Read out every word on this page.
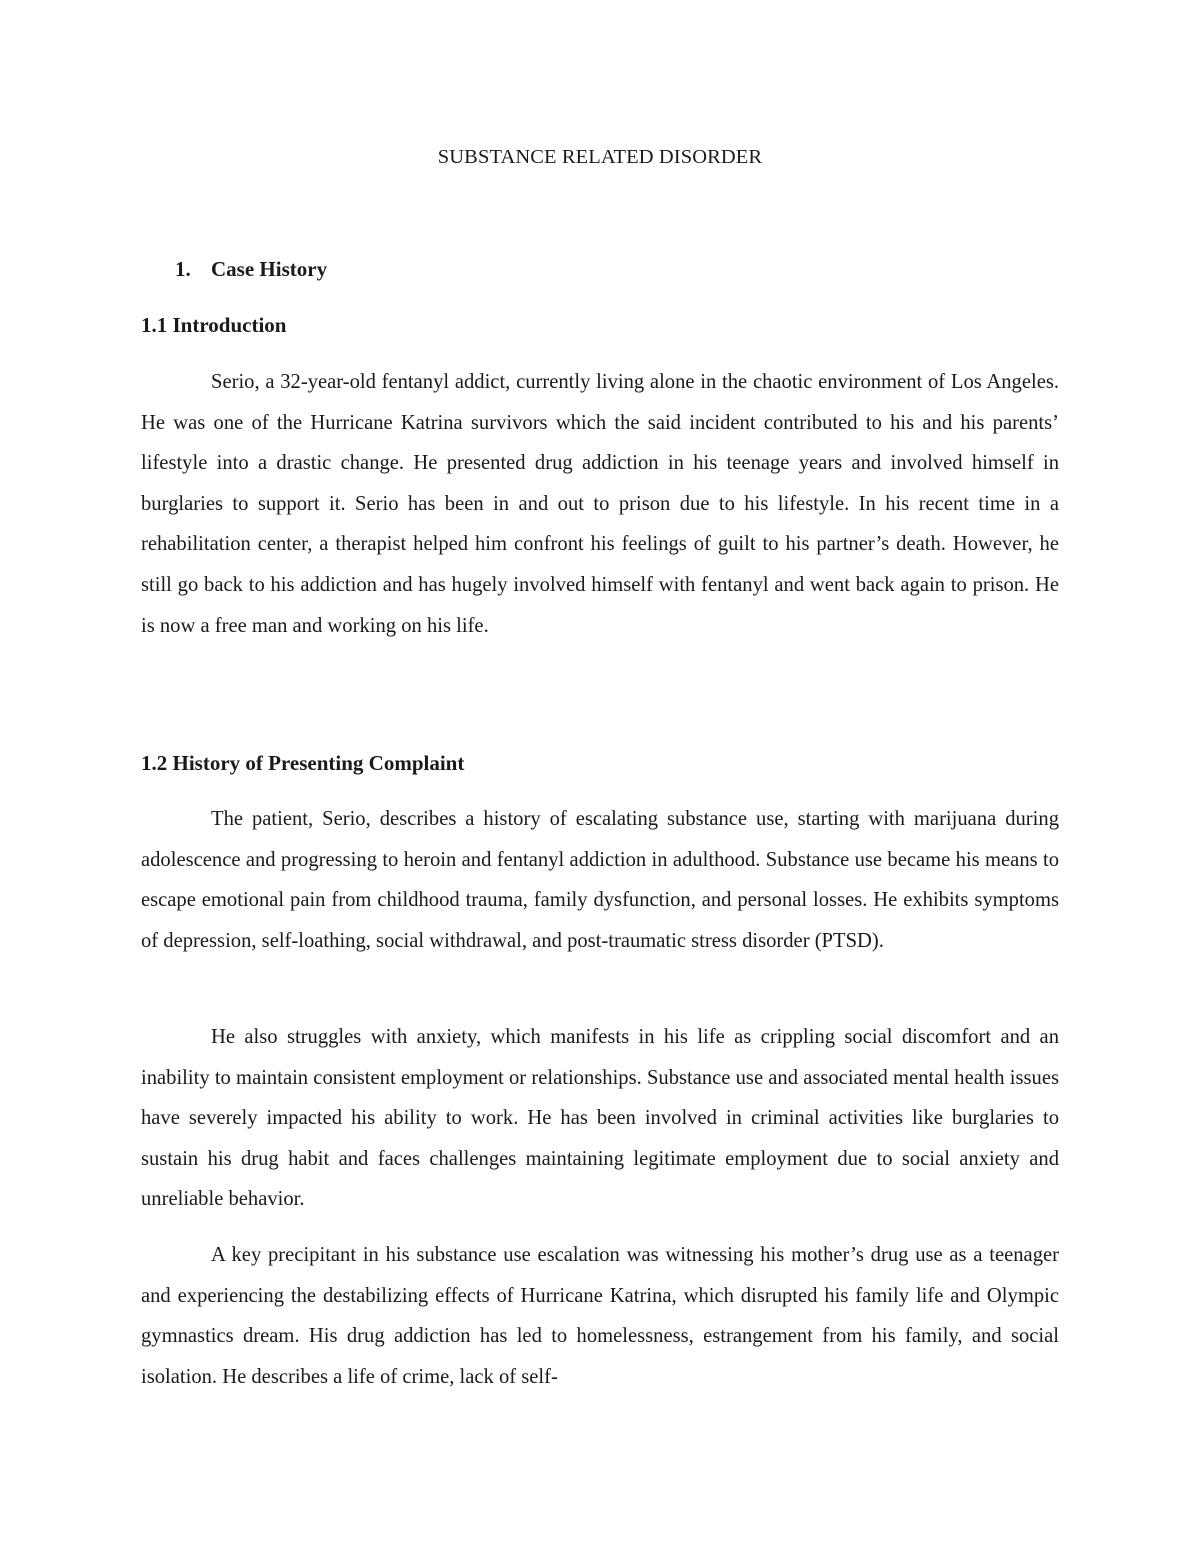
SUBSTANCE RELATED DISORDER
1. Case History
1.1 Introduction

Serio, a 32-year-old fentanyl addict, currently living alone in the chaotic environment of Los Angeles. He was one of the Hurricane Katrina survivors which the said incident contributed to his and his parents’ lifestyle into a drastic change. He presented drug addiction in his teenage years and involved himself in burglaries to support it. Serio has been in and out to prison due to his lifestyle. In his recent time in a rehabilitation center, a therapist helped him confront his feelings of guilt to his partner’s death. However, he still go back to his addiction and has hugely involved himself with fentanyl and went back again to prison. He is now a free man and working on his life.

1.2 History of Presenting Complaint

The patient, Serio, describes a history of escalating substance use, starting with marijuana during adolescence and progressing to heroin and fentanyl addiction in adulthood. Substance use became his means to escape emotional pain from childhood trauma, family dysfunction, and personal losses. He exhibits symptoms of depression, self-loathing, social withdrawal, and post-traumatic stress disorder (PTSD).

He also struggles with anxiety, which manifests in his life as crippling social discomfort and an inability to maintain consistent employment or relationships. Substance use and associated mental health issues have severely impacted his ability to work. He has been involved in criminal activities like burglaries to sustain his drug habit and faces challenges maintaining legitimate employment due to social anxiety and unreliable behavior.

A key precipitant in his substance use escalation was witnessing his mother’s drug use as a teenager and experiencing the destabilizing effects of Hurricane Katrina, which disrupted his family life and Olympic gymnastics dream. His drug addiction has led to homelessness, estrangement from his family, and social isolation. He describes a life of crime, lack of self-
